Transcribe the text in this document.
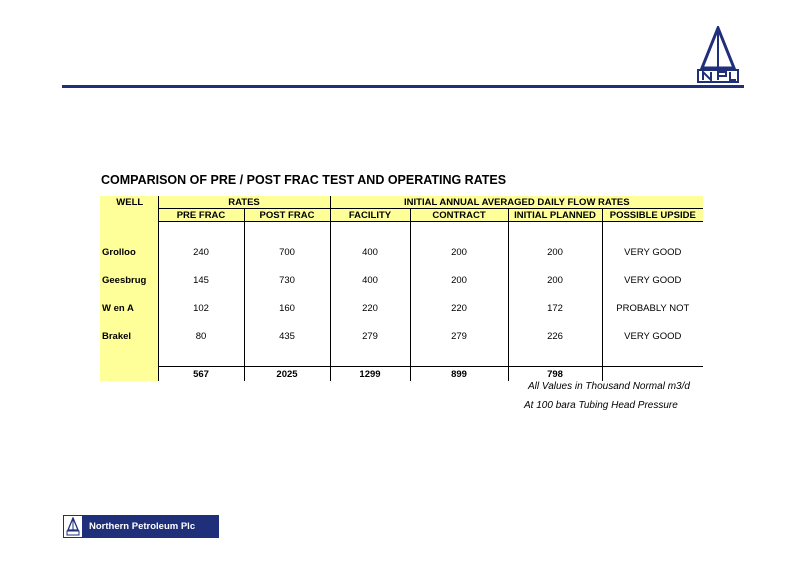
COMPARISON OF PRE / POST FRAC TEST AND OPERATING RATES
WELL	RATES		INITIAL ANNUAL AVERAGED DAILY FLOW RATES			
	PRE FRAC	POST FRAC	FACILITY	CONTRACT	INITIAL PLANNED	POSSIBLE UPSIDE

Grolloo	240	700	400	200	200	VERY GOOD
Geesbrug	145	730	400	200	200	VERY GOOD
W en A	102	160	220	220	172	PROBABLY NOT
Brakel	80	435	279	279	226	VERY GOOD

	567	2025	1299	899	798	
All Values in Thousand Normal m3/d
At 100 bara Tubing Head Pressure
Northern Petroleum Plc
